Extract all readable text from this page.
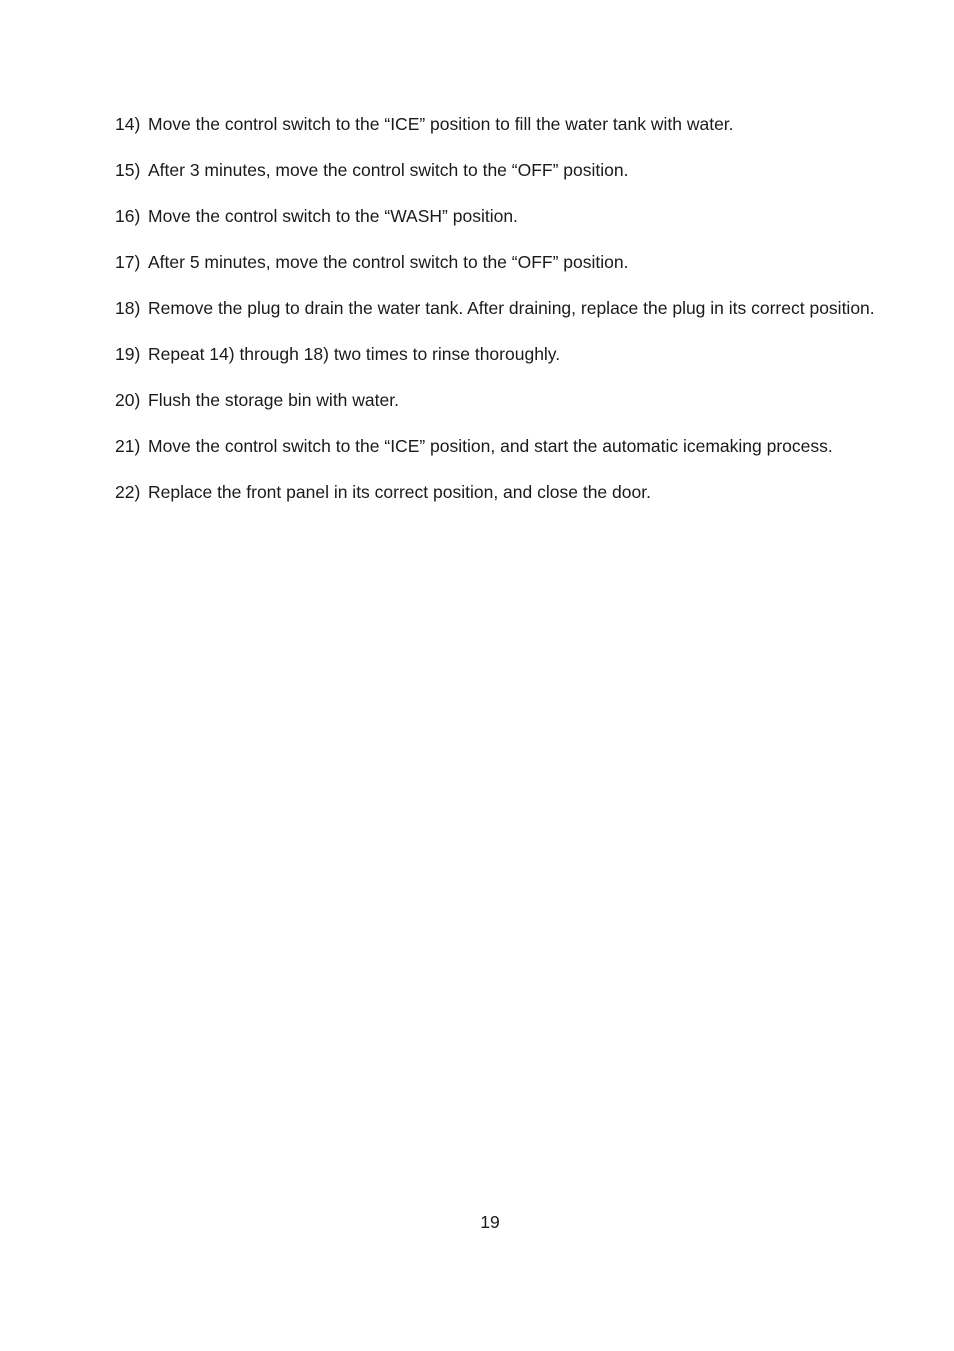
14) Move the control switch to the “ICE” position to fill the water tank with water.
15) After 3 minutes, move the control switch to the “OFF” position.
16) Move the control switch to the “WASH” position.
17) After 5 minutes, move the control switch to the “OFF” position.
18) Remove the plug to drain the water tank. After draining, replace the plug in its correct position.
19) Repeat 14) through 18) two times to rinse thoroughly.
20) Flush the storage bin with water.
21) Move the control switch to the “ICE” position, and start the automatic icemaking process.
22) Replace the front panel in its correct position, and close the door.
19
